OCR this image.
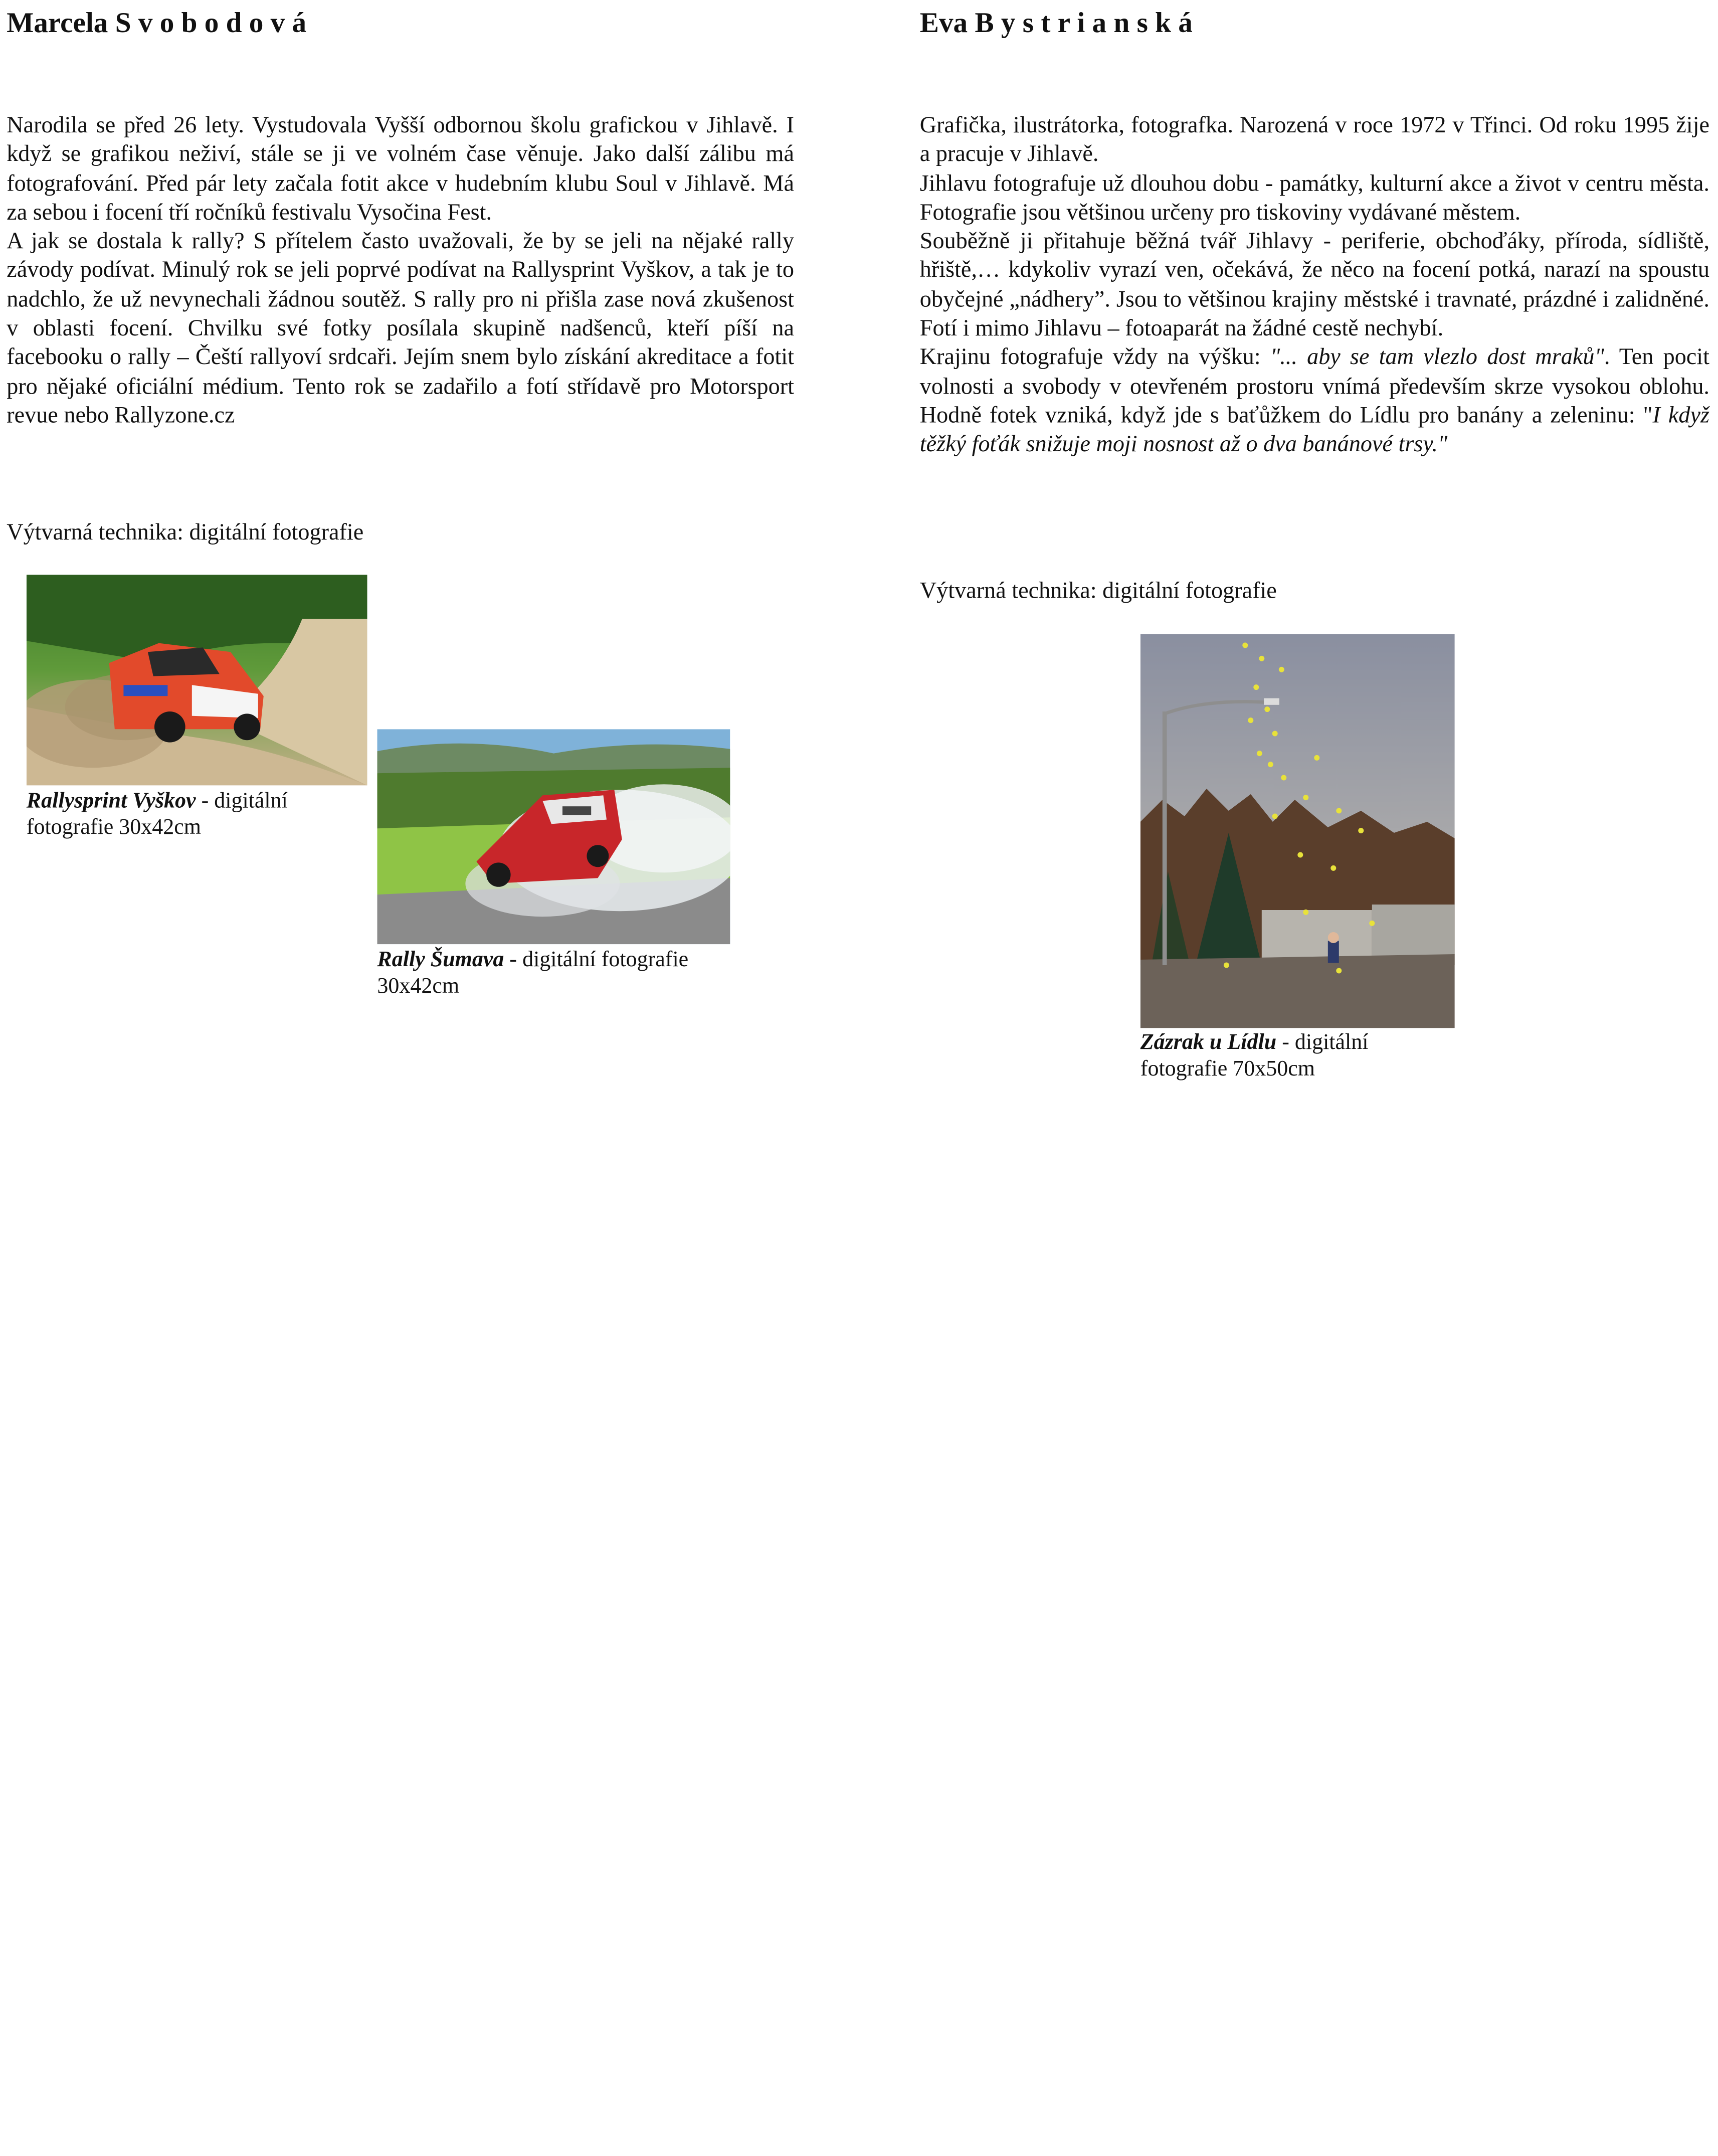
Marcela S v o b o d o v á

Narodila se před 26 lety. Vystudovala Vyšší odbornou školu grafickou v Jihlavě. I když se grafikou neživí, stále se ji ve volném čase věnuje. Jako další zálibu má fotografování. Před pár lety začala fotit akce v hudebním klubu Soul v Jihlavě. Má za sebou i focení tří ročníků festivalu Vysočina Fest.

A jak se dostala k rally? S přítelem často uvažovali, že by se jeli na nějaké rally závody podívat. Minulý rok se jeli poprvé podívat na Rallysprint Vyškov, a tak je to nadchlo, že už nevynechali žádnou soutěž. S rally pro ni přišla zase nová zkušenost v oblasti focení. Chvilku své fotky posílala skupině nadšenců, kteří píší na facebooku o rally – Čeští rallyoví srdcaři. Jejím snem bylo získání akreditace a fotit pro nějaké oficiální médium. Tento rok se zadařilo a fotí střídavě pro Motorsport revue nebo Rallyzone.cz

Výtvarná technika: digitální fotografie
Rallysprint Vyškov - digitální
fotografie 30x42cm
Rally Šumava - digitální fotografie
30x42cm
Eva B y s t r i a n s k á

Grafička, ilustrátorka, fotografka. Narozená v roce 1972 v Třinci. Od roku 1995 žije a pracuje v Jihlavě.

Jihlavu fotografuje už dlouhou dobu - památky, kulturní akce a život v centru města. Fotografie jsou většinou určeny pro tiskoviny vydávané městem.

Souběžně ji přitahuje běžná tvář Jihlavy - periferie, obchoďáky, příroda, sídliště, hřiště,… kdykoliv vyrazí ven, očekává, že něco na focení potká, narazí na spoustu obyčejné „nádhery”. Jsou to většinou krajiny městské i travnaté, prázdné i zalidněné. Fotí i mimo Jihlavu – fotoaparát na žádné cestě nechybí.

Krajinu fotografuje vždy na výšku: "... aby se tam vlezlo dost mraků". Ten pocit volnosti a svobody v otevřeném prostoru vnímá především skrze vysokou oblohu. Hodně fotek vzniká, když jde s baťůžkem do Lídlu pro banány a zeleninu: "I když těžký foťák snižuje moji nosnost až o dva banánové trsy."

Výtvarná technika: digitální fotografie
Zázrak u Lídlu - digitální
fotografie 70x50cm
